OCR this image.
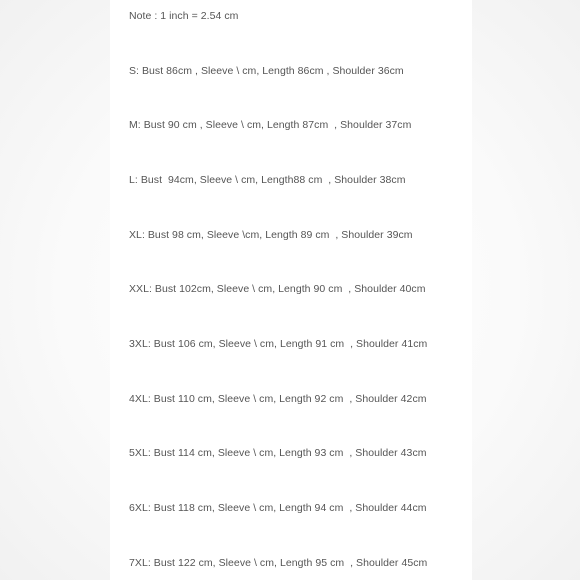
Note : 1 inch = 2.54 cm
S: Bust 86cm , Sleeve \ cm, Length 86cm , Shoulder 36cm
M: Bust 90 cm , Sleeve \ cm, Length 87cm  , Shoulder 37cm
L: Bust  94cm, Sleeve \ cm, Length88 cm  , Shoulder 38cm
XL: Bust 98 cm, Sleeve \cm, Length 89 cm  , Shoulder 39cm
XXL: Bust 102cm, Sleeve \ cm, Length 90 cm  , Shoulder 40cm
3XL: Bust 106 cm, Sleeve \ cm, Length 91 cm  , Shoulder 41cm
4XL: Bust 110 cm, Sleeve \ cm, Length 92 cm  , Shoulder 42cm
5XL: Bust 114 cm, Sleeve \ cm, Length 93 cm  , Shoulder 43cm
6XL: Bust 118 cm, Sleeve \ cm, Length 94 cm  , Shoulder 44cm
7XL: Bust 122 cm, Sleeve \ cm, Length 95 cm  , Shoulder 45cm
